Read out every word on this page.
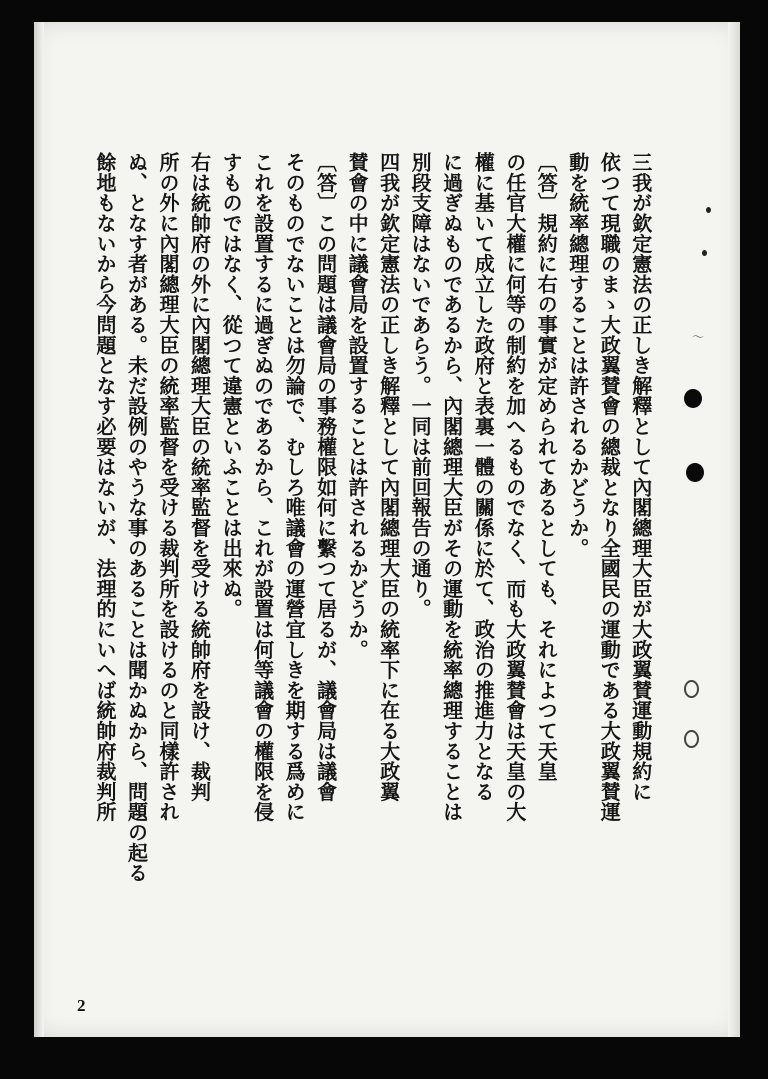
〜
三我が欽定憲法の正しき解釋として內閣總理大臣が大政翼賛運動規約に
依つて現職のまゝ大政翼賛會の總裁となり全國民の運動である大政翼賛運
動を統率總理することは許されるかどうか。
〔答〕規約に右の事實が定められてあるとしても、それによつて天皇
の任官大權に何等の制約を加へるものでなく、而も大政翼賛會は天皇の大
權に基いて成立した政府と表裏一體の關係に於て、政治の推進力となる
に過ぎぬものであるから、內閣總理大臣がその運動を統率總理することは
別段支障はないであらう。一同は前回報告の通り。
四我が欽定憲法の正しき解釋として內閣總理大臣の統率下に在る大政翼
賛會の中に議會局を設置することは許されるかどうか。
〔答〕この問題は議會局の事務權限如何に繫つて居るが、議會局は議會
そのものでないことは勿論で、むしろ唯議會の運營宜しきを期する爲めに
これを設置するに過ぎぬのであるから、これが設置は何等議會の權限を侵
すものではなく、從つて違憲といふことは出來ぬ。
右は統帥府の外に內閣總理大臣の統率監督を受ける統帥府を設け、裁判
所の外に內閣總理大臣の統率監督を受ける裁判所を設けるのと同樣許され
ぬ、となす者がある。未だ設例のやうな事のあることは聞かぬから、問題の起る
餘地もないから今問題となす必要はないが、法理的にいへば統帥府裁判所
2
